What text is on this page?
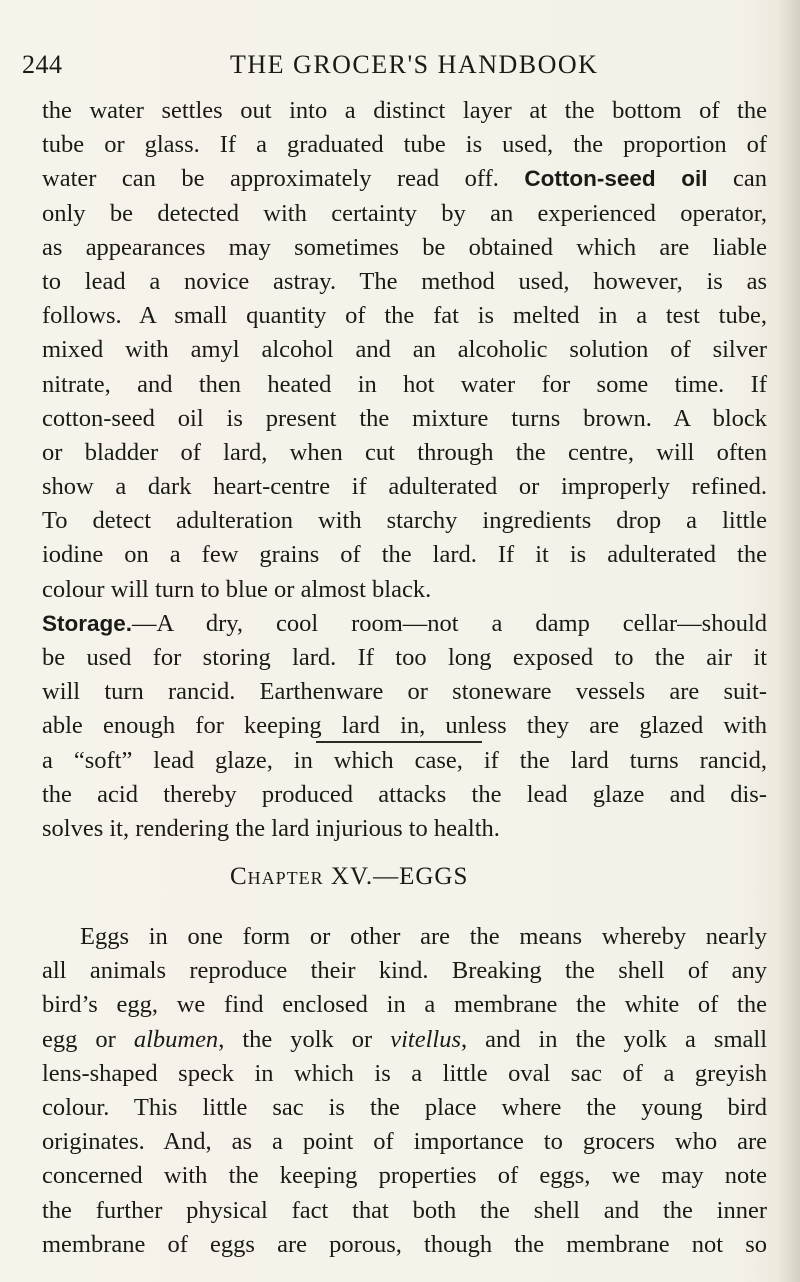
244	THE GROCER'S HANDBOOK
the water settles out into a distinct layer at the bottom of the
tube or glass. If a graduated tube is used, the proportion of
water can be approximately read off. Cotton-seed oil can
only be detected with certainty by an experienced operator,
as appearances may sometimes be obtained which are liable
to lead a novice astray. The method used, however, is as
follows. A small quantity of the fat is melted in a test tube,
mixed with amyl alcohol and an alcoholic solution of silver
nitrate, and then heated in hot water for some time. If
cotton-seed oil is present the mixture turns brown. A block
or bladder of lard, when cut through the centre, will often
show a dark heart-centre if adulterated or improperly refined.
To detect adulteration with starchy ingredients drop a little
iodine on a few grains of the lard. If it is adulterated the
colour will turn to blue or almost black.
Storage.—A dry, cool room—not a damp cellar—should
be used for storing lard. If too long exposed to the air it
will turn rancid. Earthenware or stoneware vessels are suit-
able enough for keeping lard in, unless they are glazed with
a “soft” lead glaze, in which case, if the lard turns rancid,
the acid thereby produced attacks the lead glaze and dis-
solves it, rendering the lard injurious to health.
Chapter XV.—EGGS
Eggs in one form or other are the means whereby nearly
all animals reproduce their kind. Breaking the shell of any
bird’s egg, we find enclosed in a membrane the white of the
egg or albumen, the yolk or vitellus, and in the yolk a small
lens-shaped speck in which is a little oval sac of a greyish
colour. This little sac is the place where the young bird
originates. And, as a point of importance to grocers who are
concerned with the keeping properties of eggs, we may note
the further physical fact that both the shell and the inner
membrane of eggs are porous, though the membrane not so
